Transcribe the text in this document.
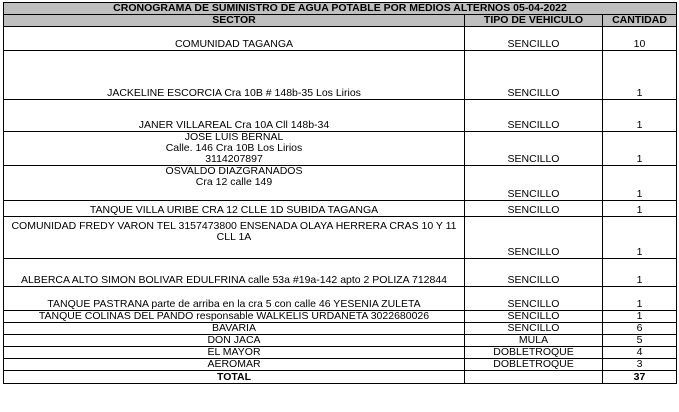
CRONOGRAMA DE SUMINISTRO DE AGUA POTABLE POR MEDIOS ALTERNOS 05-04-2022		
SECTOR	TIPO DE VEHICULO	CANTIDAD
COMUNIDAD TAGANGA	SENCILLO	10
JACKELINE ESCORCIA Cra 10B # 148b-35 Los Lirios	SENCILLO	1
JANER VILLAREAL Cra 10A Cll 148b-34	SENCILLO	1

JOSE LUIS BERNAL
Calle. 146 Cra 10B Los Lirios
3114207897	SENCILLO	1

OSVALDO DIAZGRANADOS
Cra 12 calle 149	SENCILLO	1
TANQUE VILLA URIBE CRA 12 CLLE 1D SUBIDA TAGANGA	SENCILLO	1

COMUNIDAD FREDY VARON TEL 3157473800 ENSENADA OLAYA HERRERA CRAS 10 Y 11
CLL 1A	SENCILLO	1
ALBERCA ALTO SIMON BOLIVAR EDULFRINA calle 53a #19a-142 apto 2 POLIZA 712844	SENCILLO	1
TANQUE PASTRANA parte de arriba en la cra 5 con calle 46 YESENIA ZULETA	SENCILLO	1
TANQUE COLINAS DEL PANDO responsable WALKELIS URDANETA 3022680026	SENCILLO	1
BAVARIA	SENCILLO	6
DON JACA	MULA	5
EL MAYOR	DOBLETROQUE	4
AEROMAR	DOBLETROQUE	3
TOTAL		37
